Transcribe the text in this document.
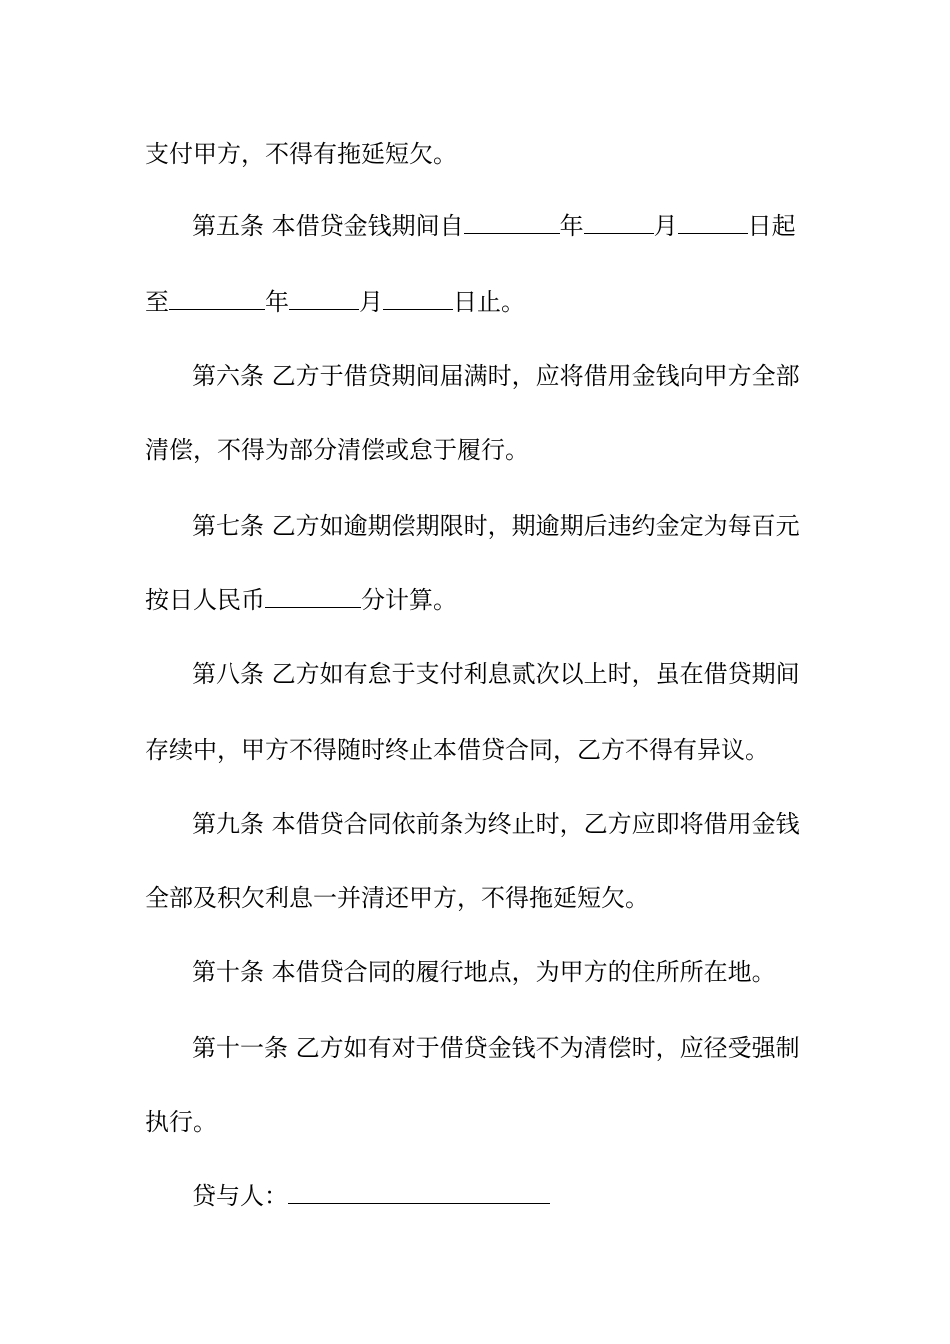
支付甲方，不得有拖延短欠。
第五条 本借贷金钱期间自	年	月	日起
至	年	月	日止。
第六条 乙方于借贷期间届满时，应将借用金钱向甲方全部
清偿，不得为部分清偿或怠于履行。
第七条 乙方如逾期偿期限时，期逾期后违约金定为每百元
按日人民币	分计算。
第八条 乙方如有怠于支付利息贰次以上时，虽在借贷期间
存续中，甲方不得随时终止本借贷合同，乙方不得有异议。
第九条 本借贷合同依前条为终止时，乙方应即将借用金钱
全部及积欠利息一并清还甲方，不得拖延短欠。
第十条 本借贷合同的履行地点，为甲方的住所所在地。
第十一条 乙方如有对于借贷金钱不为清偿时，应径受强制
执行。
贷与人：
